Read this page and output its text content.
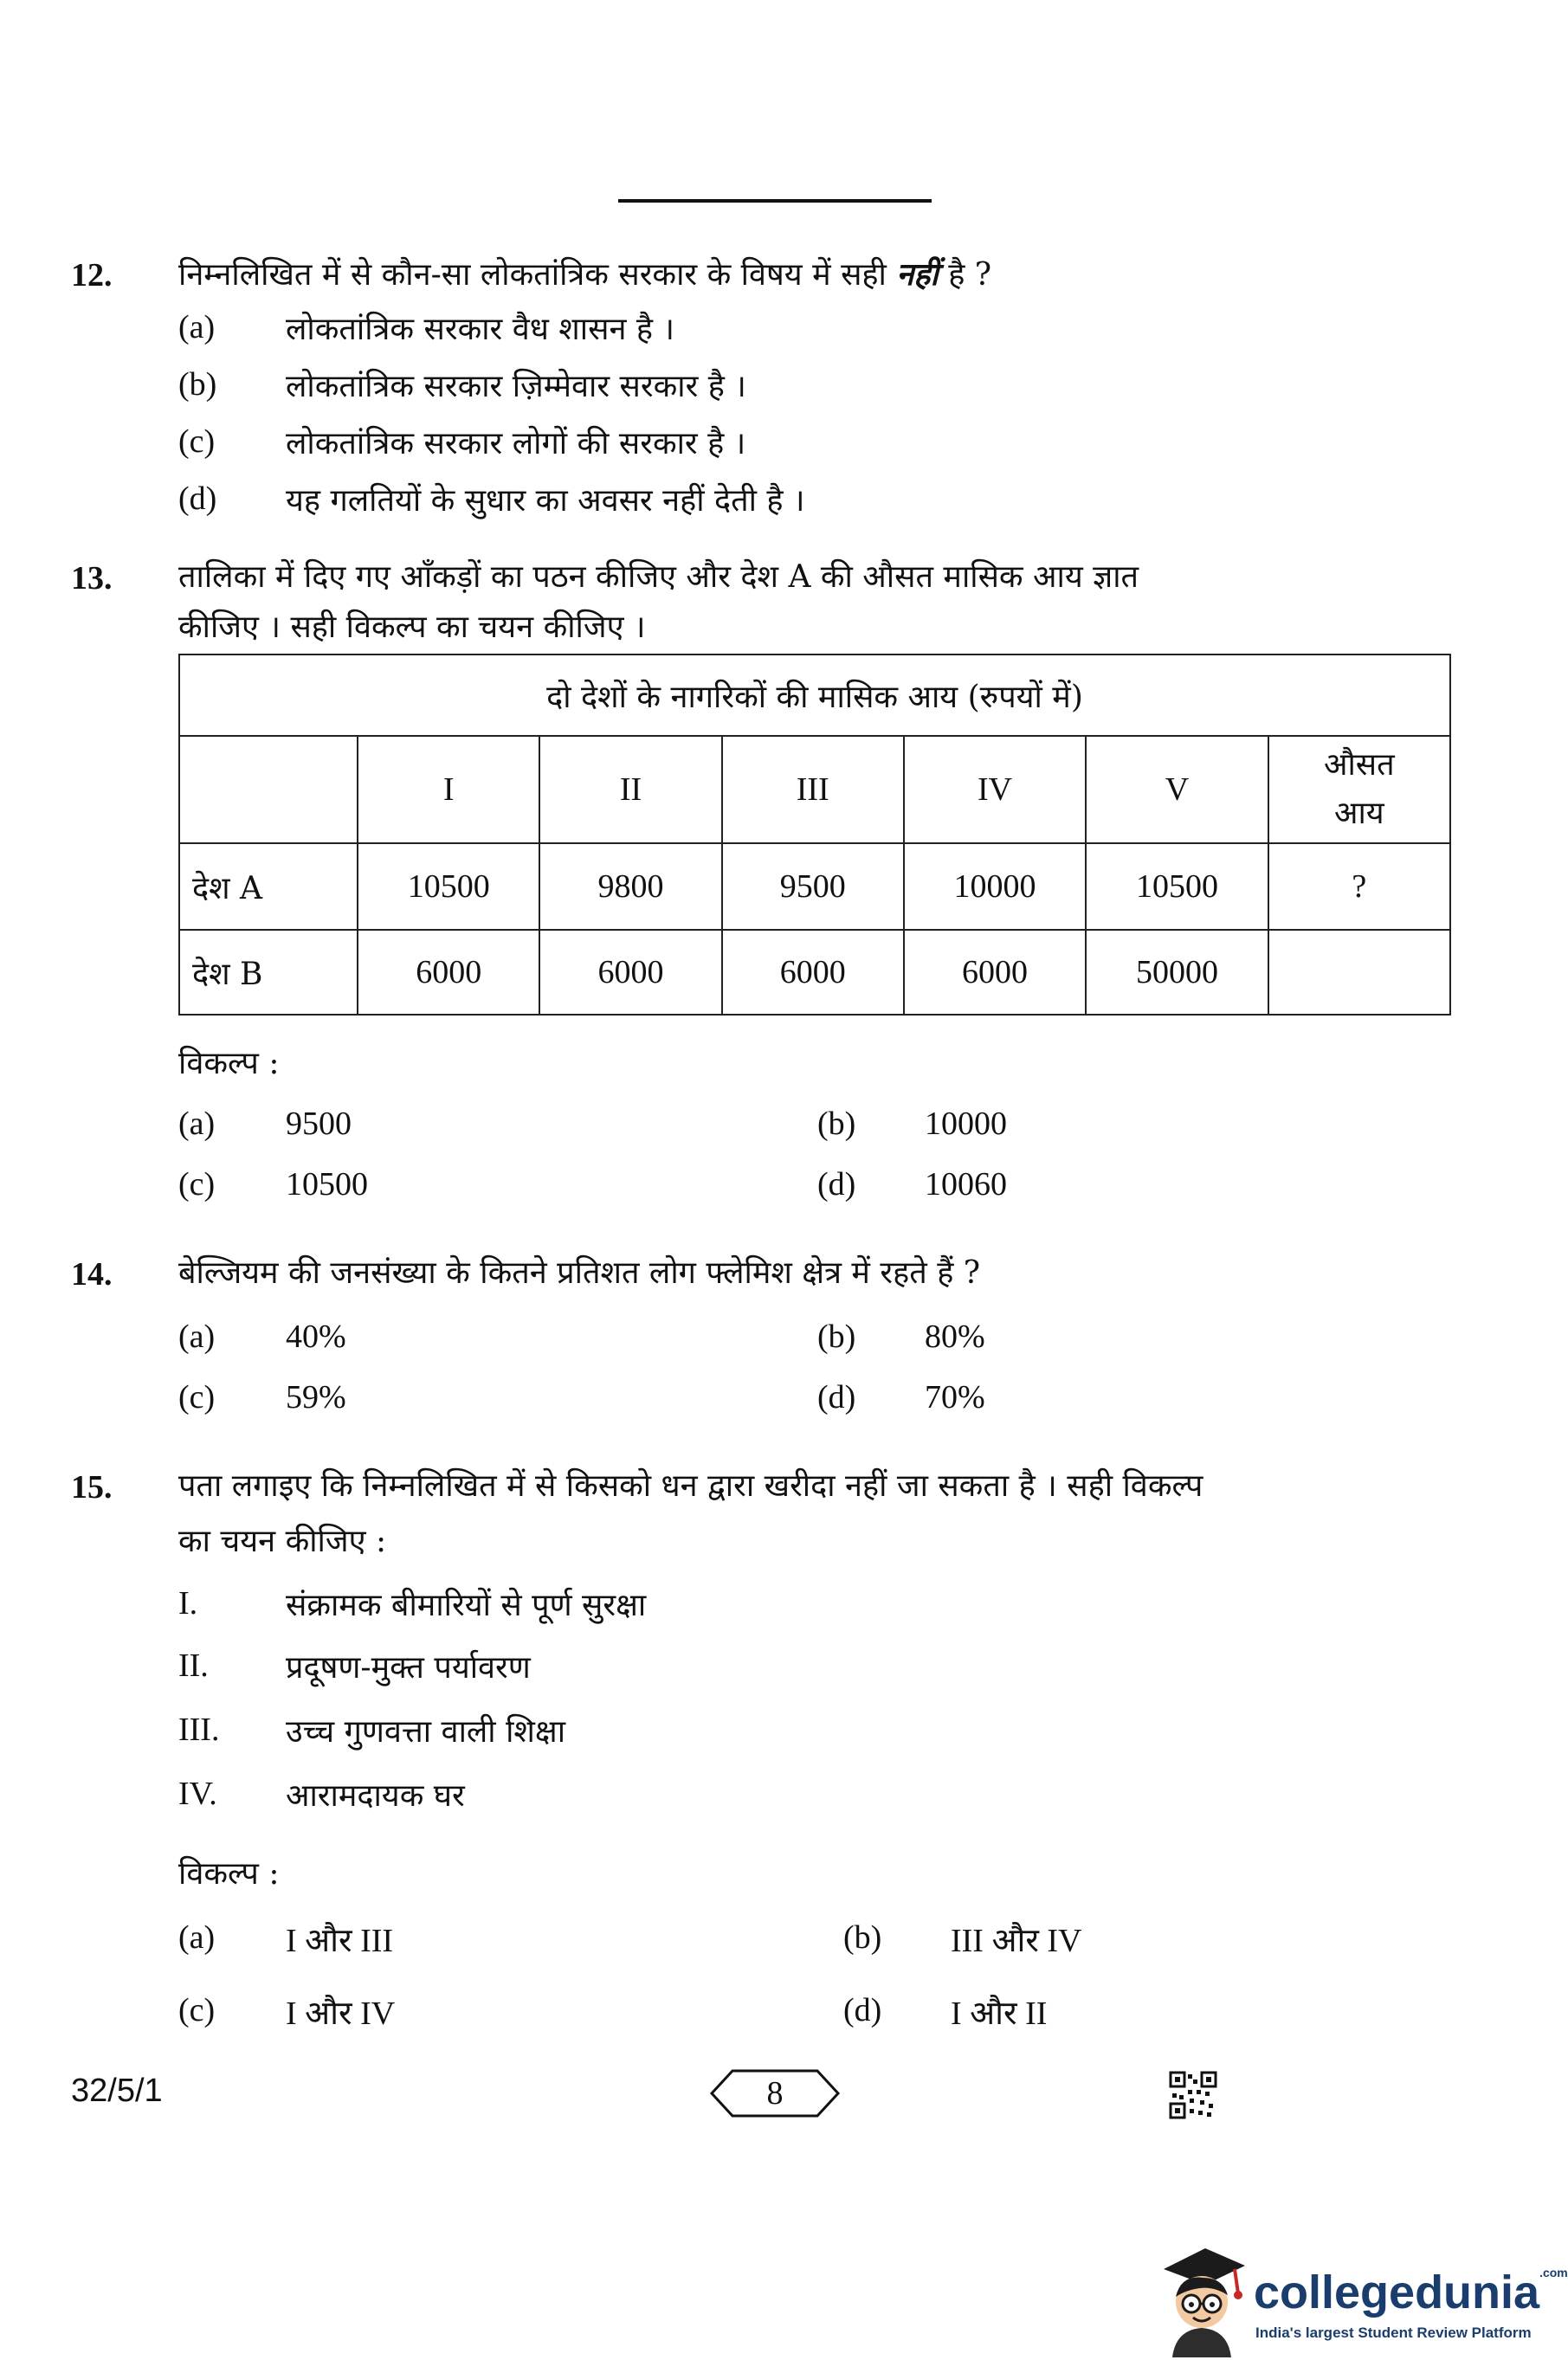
12. निम्नलिखित में से कौन-सा लोकतांत्रिक सरकार के विषय में सही नहीं है ?
(a) लोकतांत्रिक सरकार वैध शासन है ।
(b) लोकतांत्रिक सरकार ज़िम्मेवार सरकार है ।
(c) लोकतांत्रिक सरकार लोगों की सरकार है ।
(d) यह गलतियों के सुधार का अवसर नहीं देती है ।
13. तालिका में दिए गए आँकड़ों का पठन कीजिए और देश A की औसत मासिक आय ज्ञात
कीजिए । सही विकल्प का चयन कीजिए ।
दो देशों के नागरिकों की मासिक आय (रुपयों में)						
	I	II	III	IV	V	औसत
आय

देश A	10500	9800	9500	10000	10500	?
देश B	6000	6000	6000	6000	50000	
विकल्प :
(a) 9500	(b) 10000
(c) 10500	(d) 10060
14. बेल्जियम की जनसंख्या के कितने प्रतिशत लोग फ्लेमिश क्षेत्र में रहते हैं ?
(a) 40%	(b) 80%
(c) 59%	(d) 70%
15. पता लगाइए कि निम्नलिखित में से किसको धन द्वारा खरीदा नहीं जा सकता है । सही विकल्प
का चयन कीजिए :
I.	संक्रामक बीमारियों से पूर्ण सुरक्षा
II. प्रदूषण-मुक्त पर्यावरण
III. उच्च गुणवत्ता वाली शिक्षा
IV. आरामदायक घर
विकल्प :
(a) I और III	(b) III और IV
(c) I और IV	(d) I और II
32/5/1	8
collegedunia$^{.com}$
India's largest Student Review Platform
